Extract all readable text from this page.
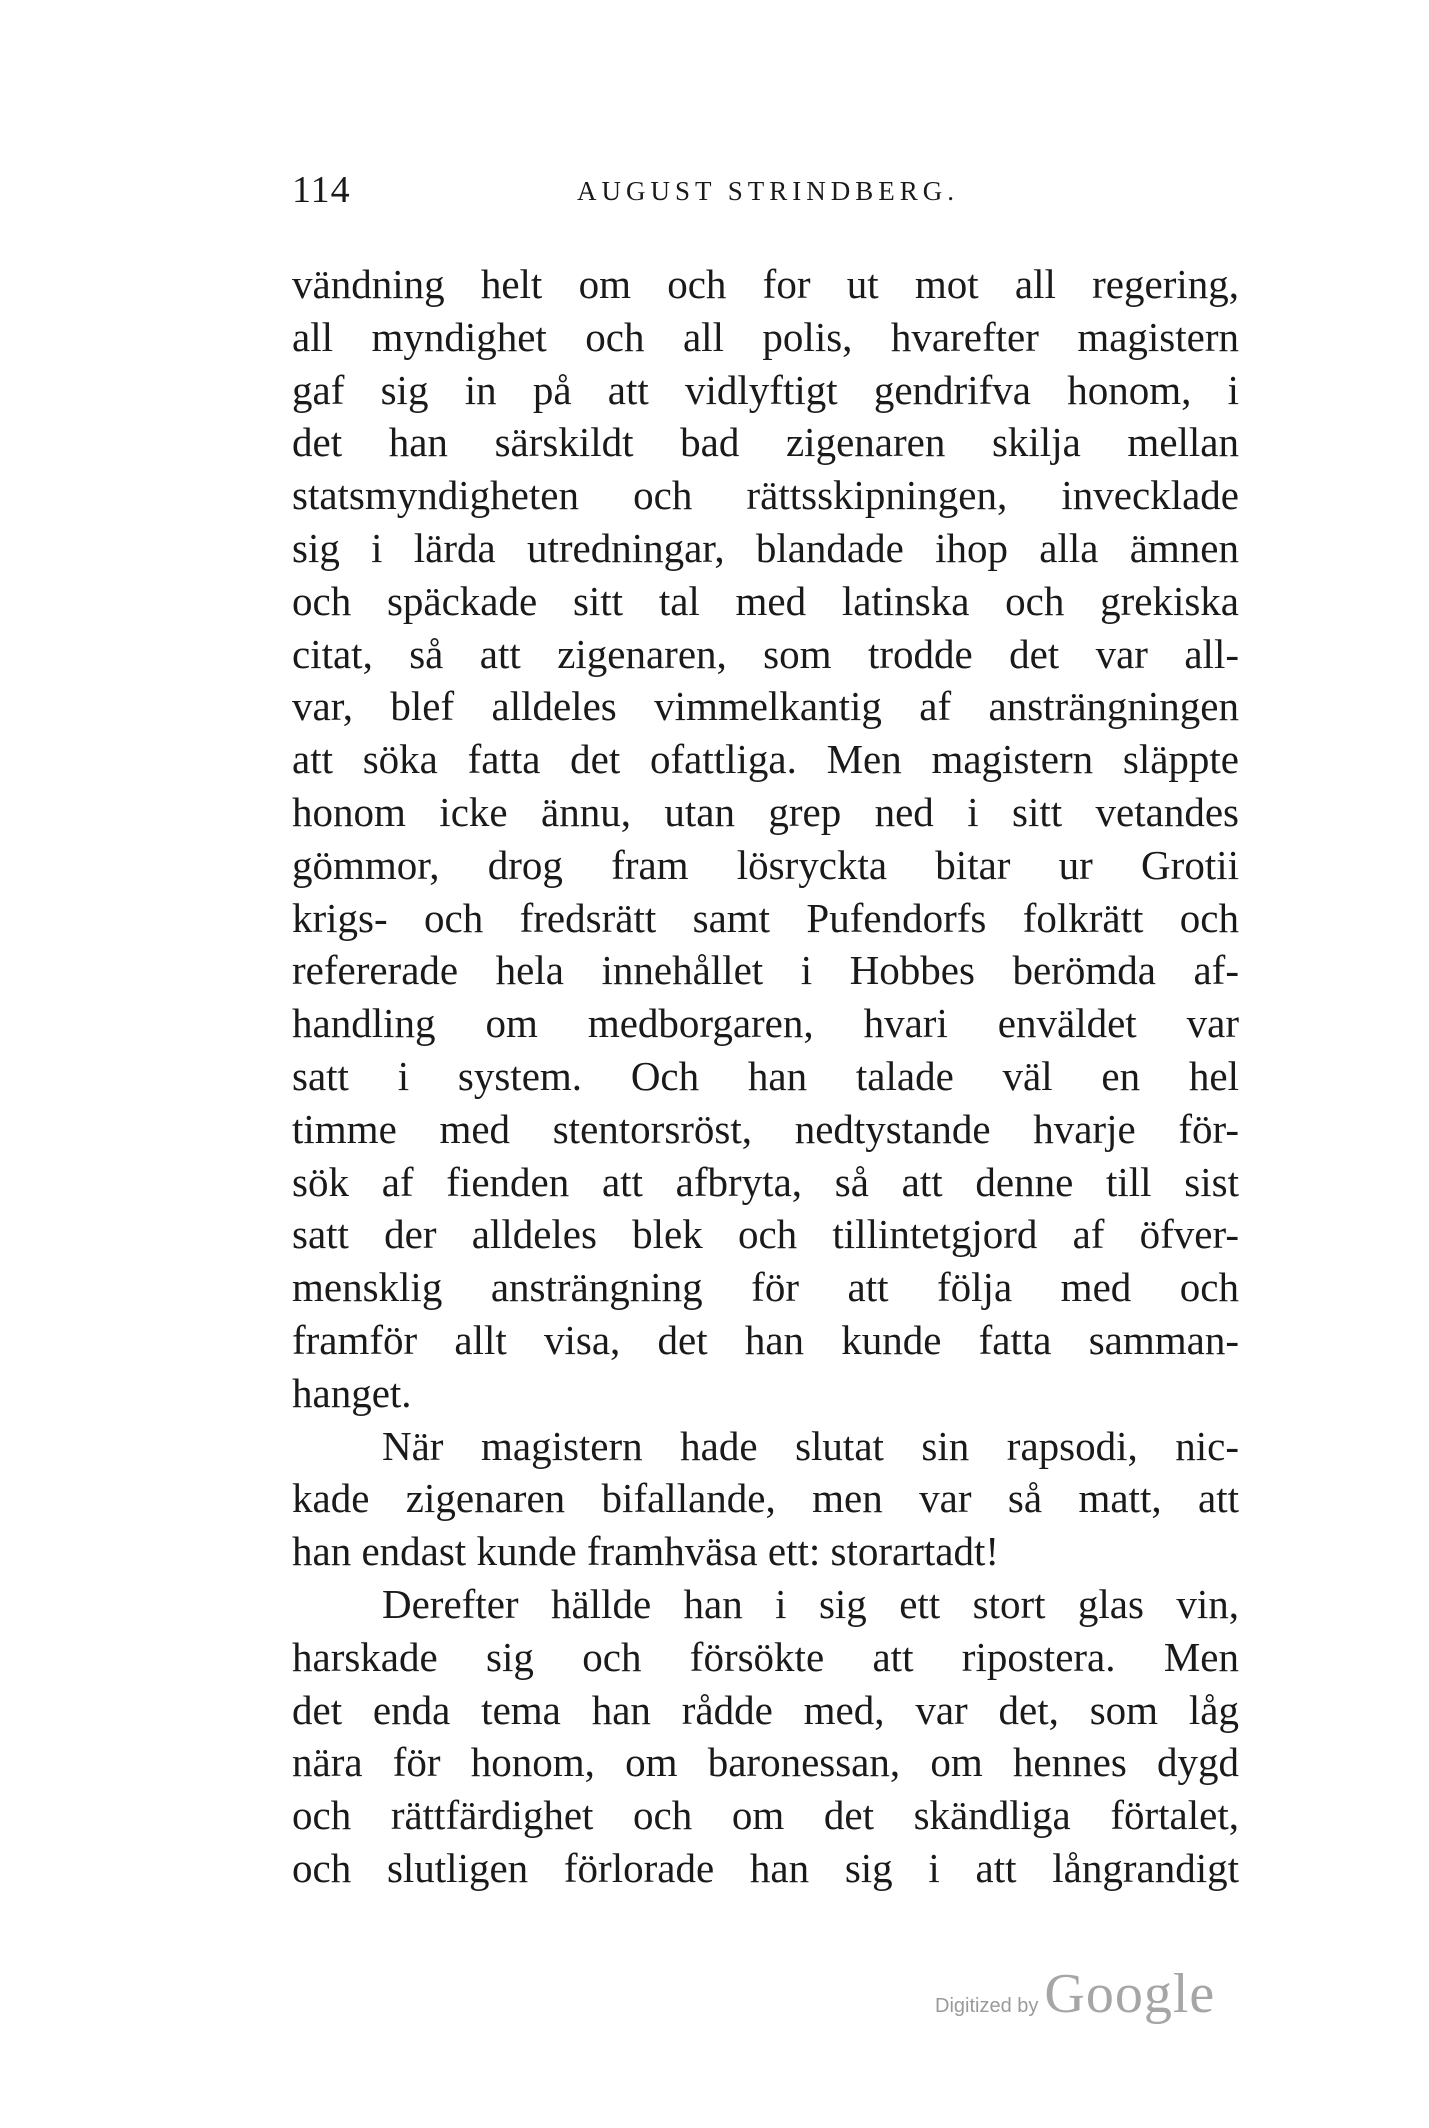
114	AUGUST STRINDBERG.
vändning helt om och for ut mot all regering,
all myndighet och all polis, hvarefter magistern
gaf sig in på att vidlyftigt gendrifva honom, i
det han särskildt bad zigenaren skilja mellan
statsmyndigheten och rättsskipningen, invecklade
sig i lärda utredningar, blandade ihop alla ämnen
och späckade sitt tal med latinska och grekiska
citat, så att zigenaren, som trodde det var all-
var, blef alldeles vimmelkantig af ansträngningen
att söka fatta det ofattliga. Men magistern släppte
honom icke ännu, utan grep ned i sitt vetandes
gömmor, drog fram lösryckta bitar ur Grotii
krigs- och fredsrätt samt Pufendorfs folkrätt och
refererade hela innehållet i Hobbes berömda af-
handling om medborgaren, hvari enväldet var
satt i system. Och han talade väl en hel
timme med stentorsröst, nedtystande hvarje för-
sök af fienden att afbryta, så att denne till sist
satt der alldeles blek och tillintetgjord af öfver-
mensklig ansträngning för att följa med och
framför allt visa, det han kunde fatta samman-
hanget.
När magistern hade slutat sin rapsodi, nic-
kade zigenaren bifallande, men var så matt, att
han endast kunde framhväsa ett: storartadt!
Derefter hällde han i sig ett stort glas vin,
harskade sig och försökte att ripostera. Men
det enda tema han rådde med, var det, som låg
nära för honom, om baronessan, om hennes dygd
och rättfärdighet och om det skändliga förtalet,
och slutligen förlorade han sig i att långrandigt
Digitized by Google
